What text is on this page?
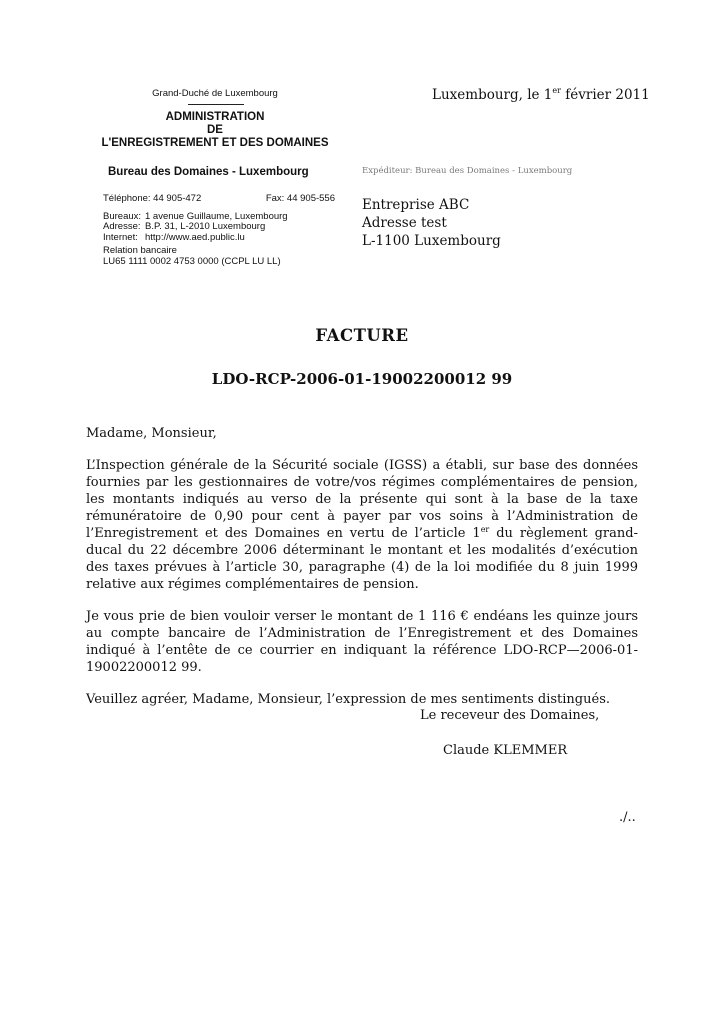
Grand-Duché de Luxembourg
ADMINISTRATION
DE
L'ENREGISTREMENT ET DES DOMAINES
Bureau des Domaines - Luxembourg
Téléphone: 44 905-472	Fax: 44 905-556
Bureaux: 1 avenue Guillaume, Luxembourg
Adresse: B.P. 31, L-2010 Luxembourg
Internet: http://www.aed.public.lu
Relation bancaire
LU65 1111 0002 4753 0000 (CCPL LU LL)
Luxembourg, le 1er février 2011
Expéditeur: Bureau des Domaines - Luxembourg
Entreprise ABC
Adresse test
L-1100 Luxembourg
FACTURE
LDO-RCP-2006-01-19002200012 99

Madame, Monsieur,

L’Inspection générale de la Sécurité sociale (IGSS) a établi, sur base des données fournies par les gestionnaires de votre/vos régimes complémentaires de pension, les montants indiqués au verso de la présente qui sont à la base de la taxe rémunératoire de 0,90 pour cent à payer par vos soins à l’Administration de l’Enregistrement et des Domaines en vertu de l’article 1er du règlement grand-ducal du 22 décembre 2006 déterminant le montant et les modalités d’exécution des taxes prévues à l’article 30, paragraphe (4) de la loi modifiée du 8 juin 1999 relative aux régimes complémentaires de pension.

Je vous prie de bien vouloir verser le montant de 1 116 € endéans les quinze jours au compte bancaire de l’Administration de l’Enregistrement et des Domaines indiqué à l’entête de ce courrier en indiquant la référence LDO-RCP—2006-01-19002200012 99.

Veuillez agréer, Madame, Monsieur, l’expression de mes sentiments distingués.

Le receveur des Domaines,
Claude KLEMMER
./..
